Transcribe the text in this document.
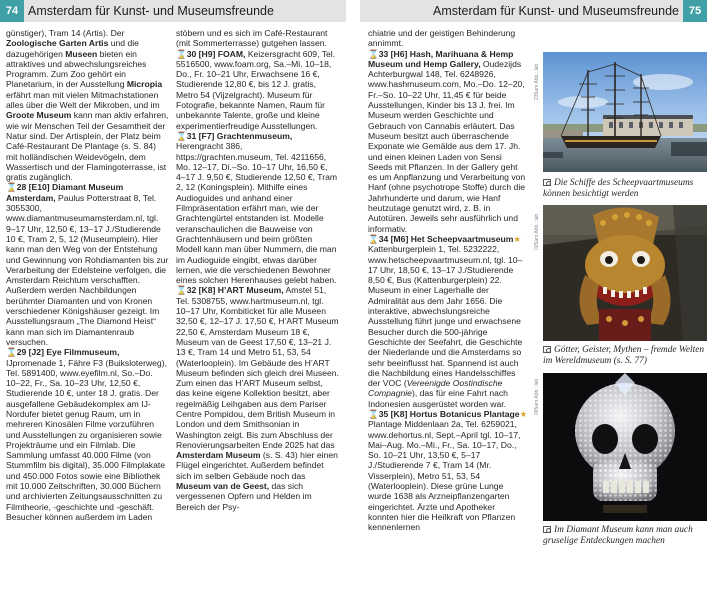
74 Amsterdam für Kunst- und Museumsfreunde	Amsterdam für Kunst- und Museumsfreunde 75

günstiger), Tram 14 (Artis). Der Zoologische Garten Artis und die dazugehörigen Museen bieten ein attraktives und abwechslungsreiches Programm. Zum Zoo gehört ein Planetarium, in der Ausstellung Micropia erfährt man mit vielen Mitmachstationen alles über die Welt der Mikroben, und im Groote Museum kann man aktiv erfahren, wie wir Menschen Teil der Gesamtheit der Natur sind. Der Artisplein, der Platz beim Café-Restaurant De Plantage (s. S. 84) mit holländischen Weidevögeln, dem Wassertisch und der Flamingoterrasse, ist gratis zugänglich.

⌛28 [E10] Diamant Museum Amsterdam, Paulus Potterstraat 8, Tel. 3055300, www.diamantmuseumamsterdam.nl, tgl. 9–17 Uhr, 12,50 €, 13–17 J./Studierende 10 €, Tram 2, 5, 12 (Museumplein). Hier kann man den Weg von der Entstehung und Gewinnung von Rohdiamanten bis zur Verarbeitung der Edelsteine verfolgen, die Amsterdam Reichtum verschafften. Außerdem werden Nachbildungen berühmter Diamanten und von Kronen verschiedener Königshäuser gezeigt. Im Ausstellungsraum „The Diamond Heist“ kann man sich im Diamantenraub versuchen.

⌛29 [J2] Eye Filmmuseum, IJpromenade 1, Fähre F3 (Buiksloterweg), Tel. 5891400, www.eyefilm.nl, So.–Do. 10–22, Fr., Sa. 10–23 Uhr, 12,50 €, Studierende 10 €, unter 18 J. gratis. Der ausgefallene Gebäudekomplex am IJ-Nordufer bietet genug Raum, um in mehreren Kinosälen Filme vorzuführen und Ausstellungen zu organisieren sowie Projekträume und ein Filmlab. Die Sammlung umfasst 40.000 Filme (von Stummfilm bis digital), 35.000 Filmplakate und 450.000 Fotos sowie eine Bibliothek mit 10.000 Zeitschriften, 30.000 Büchern und archivierten Zeitungsausschnitten zu Filmtheorie, -geschichte und -geschäft. Besucher können außerdem im Laden

stöbern und es sich im Café-Restaurant (mit Sommerterrasse) gutgehen lassen.

⌛30 [H9] FOAM, Keizersgracht 609, Tel. 5516500, www.foam.org, Sa.–Mi. 10–18, Do., Fr. 10–21 Uhr, Erwachsene 16 €, Studierende 12,80 €, bis 12 J. gratis, Metro 54 (Vijzelgracht). Museum für Fotografie, bekannte Namen, Raum für unbekannte Talente, große und kleine experimentierfreudige Ausstellungen.

⌛31 [F7] Grachtenmuseum, Herengracht 386, https://grachten.museum, Tel. 4211656, Mo. 12–17, Di.–So. 10–17 Uhr, 16,50 €, 4–17 J. 9,50 €, Studierende 12,50 €, Tram 2, 12 (Koningsplein). Mithilfe eines Audioguides und anhand einer Filmpräsentation erfährt man, wie der Grachtengürtel entstanden ist. Modelle veranschaulichen die Bauweise von Grachtenhäusern und beim größten Modell kann man über Nummern, die man im Audioguide eingibt, etwas darüber lernen, wie die verschiedenen Bewohner eines solchen Herenhauses gelebt haben.

⌛32 [K8] H’ART Museum, Amstel 51, Tel. 5308755, www.hartmuseum.nl, tgl. 10–17 Uhr, Kombiticket für alle Museen 32,50 €, 12–17 J. 17,50 €, H’ART Museum 22,50 €, Amsterdam Museum 18 €, Museum van de Geest 17,50 €, 13–21 J. 13 €, Tram 14 und Metro 51, 53, 54 (Waterlooplein). Im Gebäude des H’ART Museum befinden sich gleich drei Museen. Zum einen das H’ART Museum selbst, das keine eigene Kollektion besitzt, aber regelmäßig Leihgaben aus dem Pariser Centre Pompidou, dem British Museum in London und dem Smithsonian in Washington zeigt. Bis zum Abschluss der Renovierungsarbeiten Ende 2025 hat das Amsterdam Museum (s. S. 43) hier einen Flügel eingerichtet. Außerdem befindet sich im selben Gebäude noch das Museum van de Geest, das sich vergessenen Opfern und Helden im Bereich der Psy-

chiatrie und der geistigen Behinderung annimmt.

⌛33 [H6] Hash, Marihuana & Hemp Museum und Hemp Gallery, Oudezijds Achterburgwal 148, Tel. 6248926, www.hashmuseum.com, Mo.–Do. 12–20, Fr.–So. 10–22 Uhr, 11,45 € für beide Ausstellungen, Kinder bis 13 J. frei. Im Museum werden Geschichte und Gebrauch von Cannabis erläutert. Das Museum besitzt auch überraschende Exponate wie Gemälde aus dem 17. Jh. und einen kleinen Laden von Sensi Seeds mit Pflanzen. In der Gallery geht es um Anpflanzung und Verarbeitung von Hanf (ohne psychotrope Stoffe) durch die Jahrhunderte und darum, wie Hanf heutzutage genutzt wird, z. B. in Autotüren. Jeweils sehr ausführlich und informativ.

⌛34 [M6] Het Scheepvaartmuseum★ Kattenburgerplein 1, Tel. 5232222, www.hetscheepvaartmuseum.nl, tgl. 10–17 Uhr, 18,50 €, 13–17 J./Studierende 8,50 €, Bus (Kattenburgerplein) 22. Museum in einer Lagerhalle der Admiralität aus dem Jahr 1656. Die interaktive, abwechslungsreiche Ausstellung führt junge und erwachsene Besucher durch die 500-jährige Geschichte der Seefahrt, die Geschichte der Niederlande und die Amsterdams so sehr beeinflusst hat. Spannend ist auch die Nachbildung eines Handelsschiffes der VOC (Vereenigde Oostindische Compagnie), das für eine Fahrt nach Indonesien ausgerüstet worden war.

⌛35 [K8] Hortus Botanicus Plantage★ Plantage Middenlaan 2a, Tel. 6259021, www.dehortus.nl, Sept.–April tgl. 10–17, Mai–Aug. Mo.–Mi., Fr., Sa. 10–17, Do., So. 10–21 Uhr, 13,50 €, 5–17 J./Studierende 7 €, Tram 14 (Mr. Visserplein), Metro 51, 53, 54 (Waterlooplein). Diese grüne Lunge wurde 1638 als Arzneipflanzengarten eingerichtet. Ärzte und Apotheker konnten hier die Heilkraft von Pflanzen kennenlernen

235am Abb.: lab
025am Abb.: lab
065am Abb.: lab
Die Schiffe des Scheepvaartmuseums können besichtigt werden
Götter, Geister, Mythen – fremde Welten im Wereldmuseum (s. S. 77)
Im Diamant Museum kann man auch gruselige Entdeckungen machen
